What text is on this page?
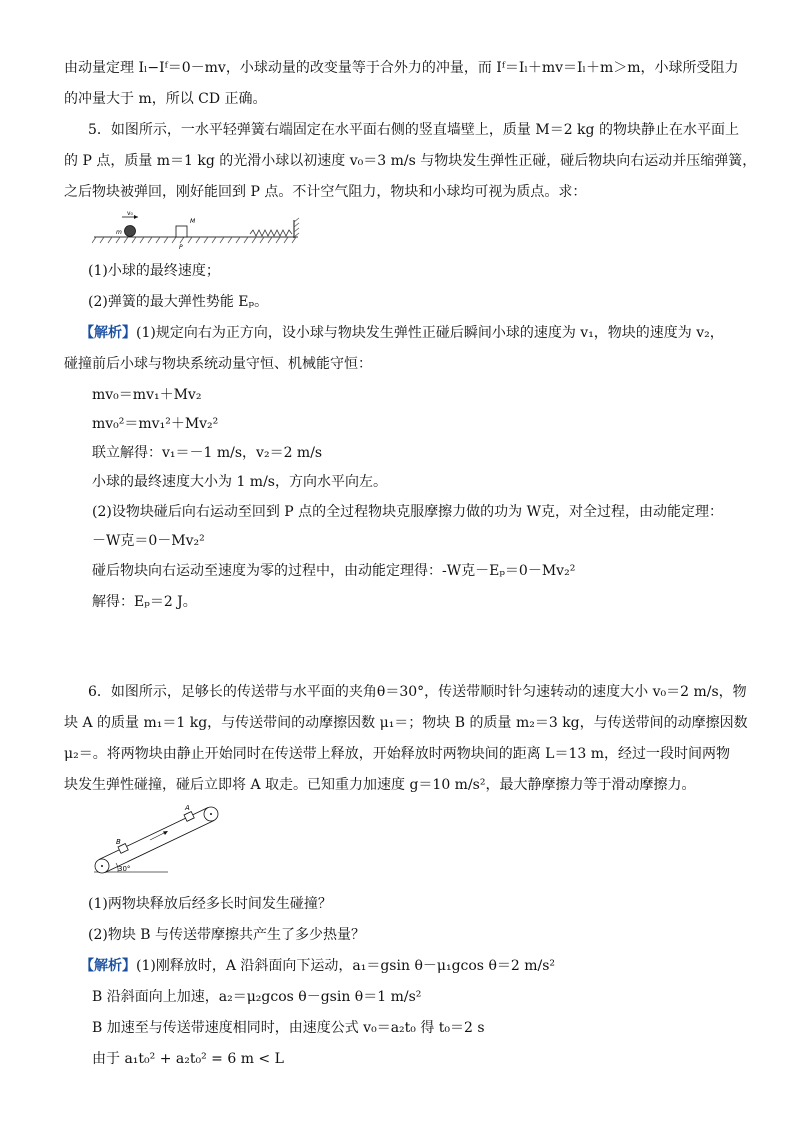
由动量定理 Iₗ−Iᶠ＝0－mv，小球动量的改变量等于合外力的冲量，而 Iᶠ＝Iₗ＋mv＝Iₗ＋m＞m，小球所受阻力
的冲量大于 m，所以 CD 正确。
5．如图所示，一水平轻弹簧右端固定在水平面右侧的竖直墙壁上，质量 M＝2 kg 的物块静止在水平面上
的 P 点，质量 m＝1 kg 的光滑小球以初速度 v₀＝3 m/s 与物块发生弹性正碰，碰后物块向右运动并压缩弹簧，
之后物块被弹回，刚好能回到 P 点。不计空气阻力，物块和小球均可视为质点。求：
v₀
m
M
P
(1)小球的最终速度；
(2)弹簧的最大弹性势能 Eₚ。
【解析】(1)规定向右为正方向，设小球与物块发生弹性正碰后瞬间小球的速度为 v₁，物块的速度为 v₂，
碰撞前后小球与物块系统动量守恒、机械能守恒：
mv₀＝mv₁＋Mv₂
mv₀²＝mv₁²＋Mv₂²
联立解得：v₁＝－1 m/s，v₂＝2 m/s
小球的最终速度大小为 1 m/s，方向水平向左。
(2)设物块碰后向右运动至回到 P 点的全过程物块克服摩擦力做的功为 W克，对全过程，由动能定理：
－W克＝0－Mv₂²
碰后物块向右运动至速度为零的过程中，由动能定理得：-W克－Eₚ＝0－Mv₂²
解得：Eₚ＝2 J。
6．如图所示，足够长的传送带与水平面的夹角θ＝30°，传送带顺时针匀速转动的速度大小 v₀＝2 m/s，物
块 A 的质量 m₁＝1 kg，与传送带间的动摩擦因数 μ₁＝；物块 B 的质量 m₂＝3 kg，与传送带间的动摩擦因数
μ₂＝。将两物块由静止开始同时在传送带上释放，开始释放时两物块间的距离 L＝13 m，经过一段时间两物
块发生弹性碰撞，碰后立即将 A 取走。已知重力加速度 g＝10 m/s²，最大静摩擦力等于滑动摩擦力。
B
A
30°
(1)两物块释放后经多长时间发生碰撞？
(2)物块 B 与传送带摩擦共产生了多少热量？
【解析】(1)刚释放时，A 沿斜面向下运动，a₁＝gsin θ－μ₁gcos θ＝2 m/s²
B 沿斜面向上加速，a₂＝μ₂gcos θ－gsin θ＝1 m/s²
B 加速至与传送带速度相同时，由速度公式 v₀＝a₂t₀ 得 t₀＝2 s
由于 a₁t₀² + a₂t₀² = 6 m < L
